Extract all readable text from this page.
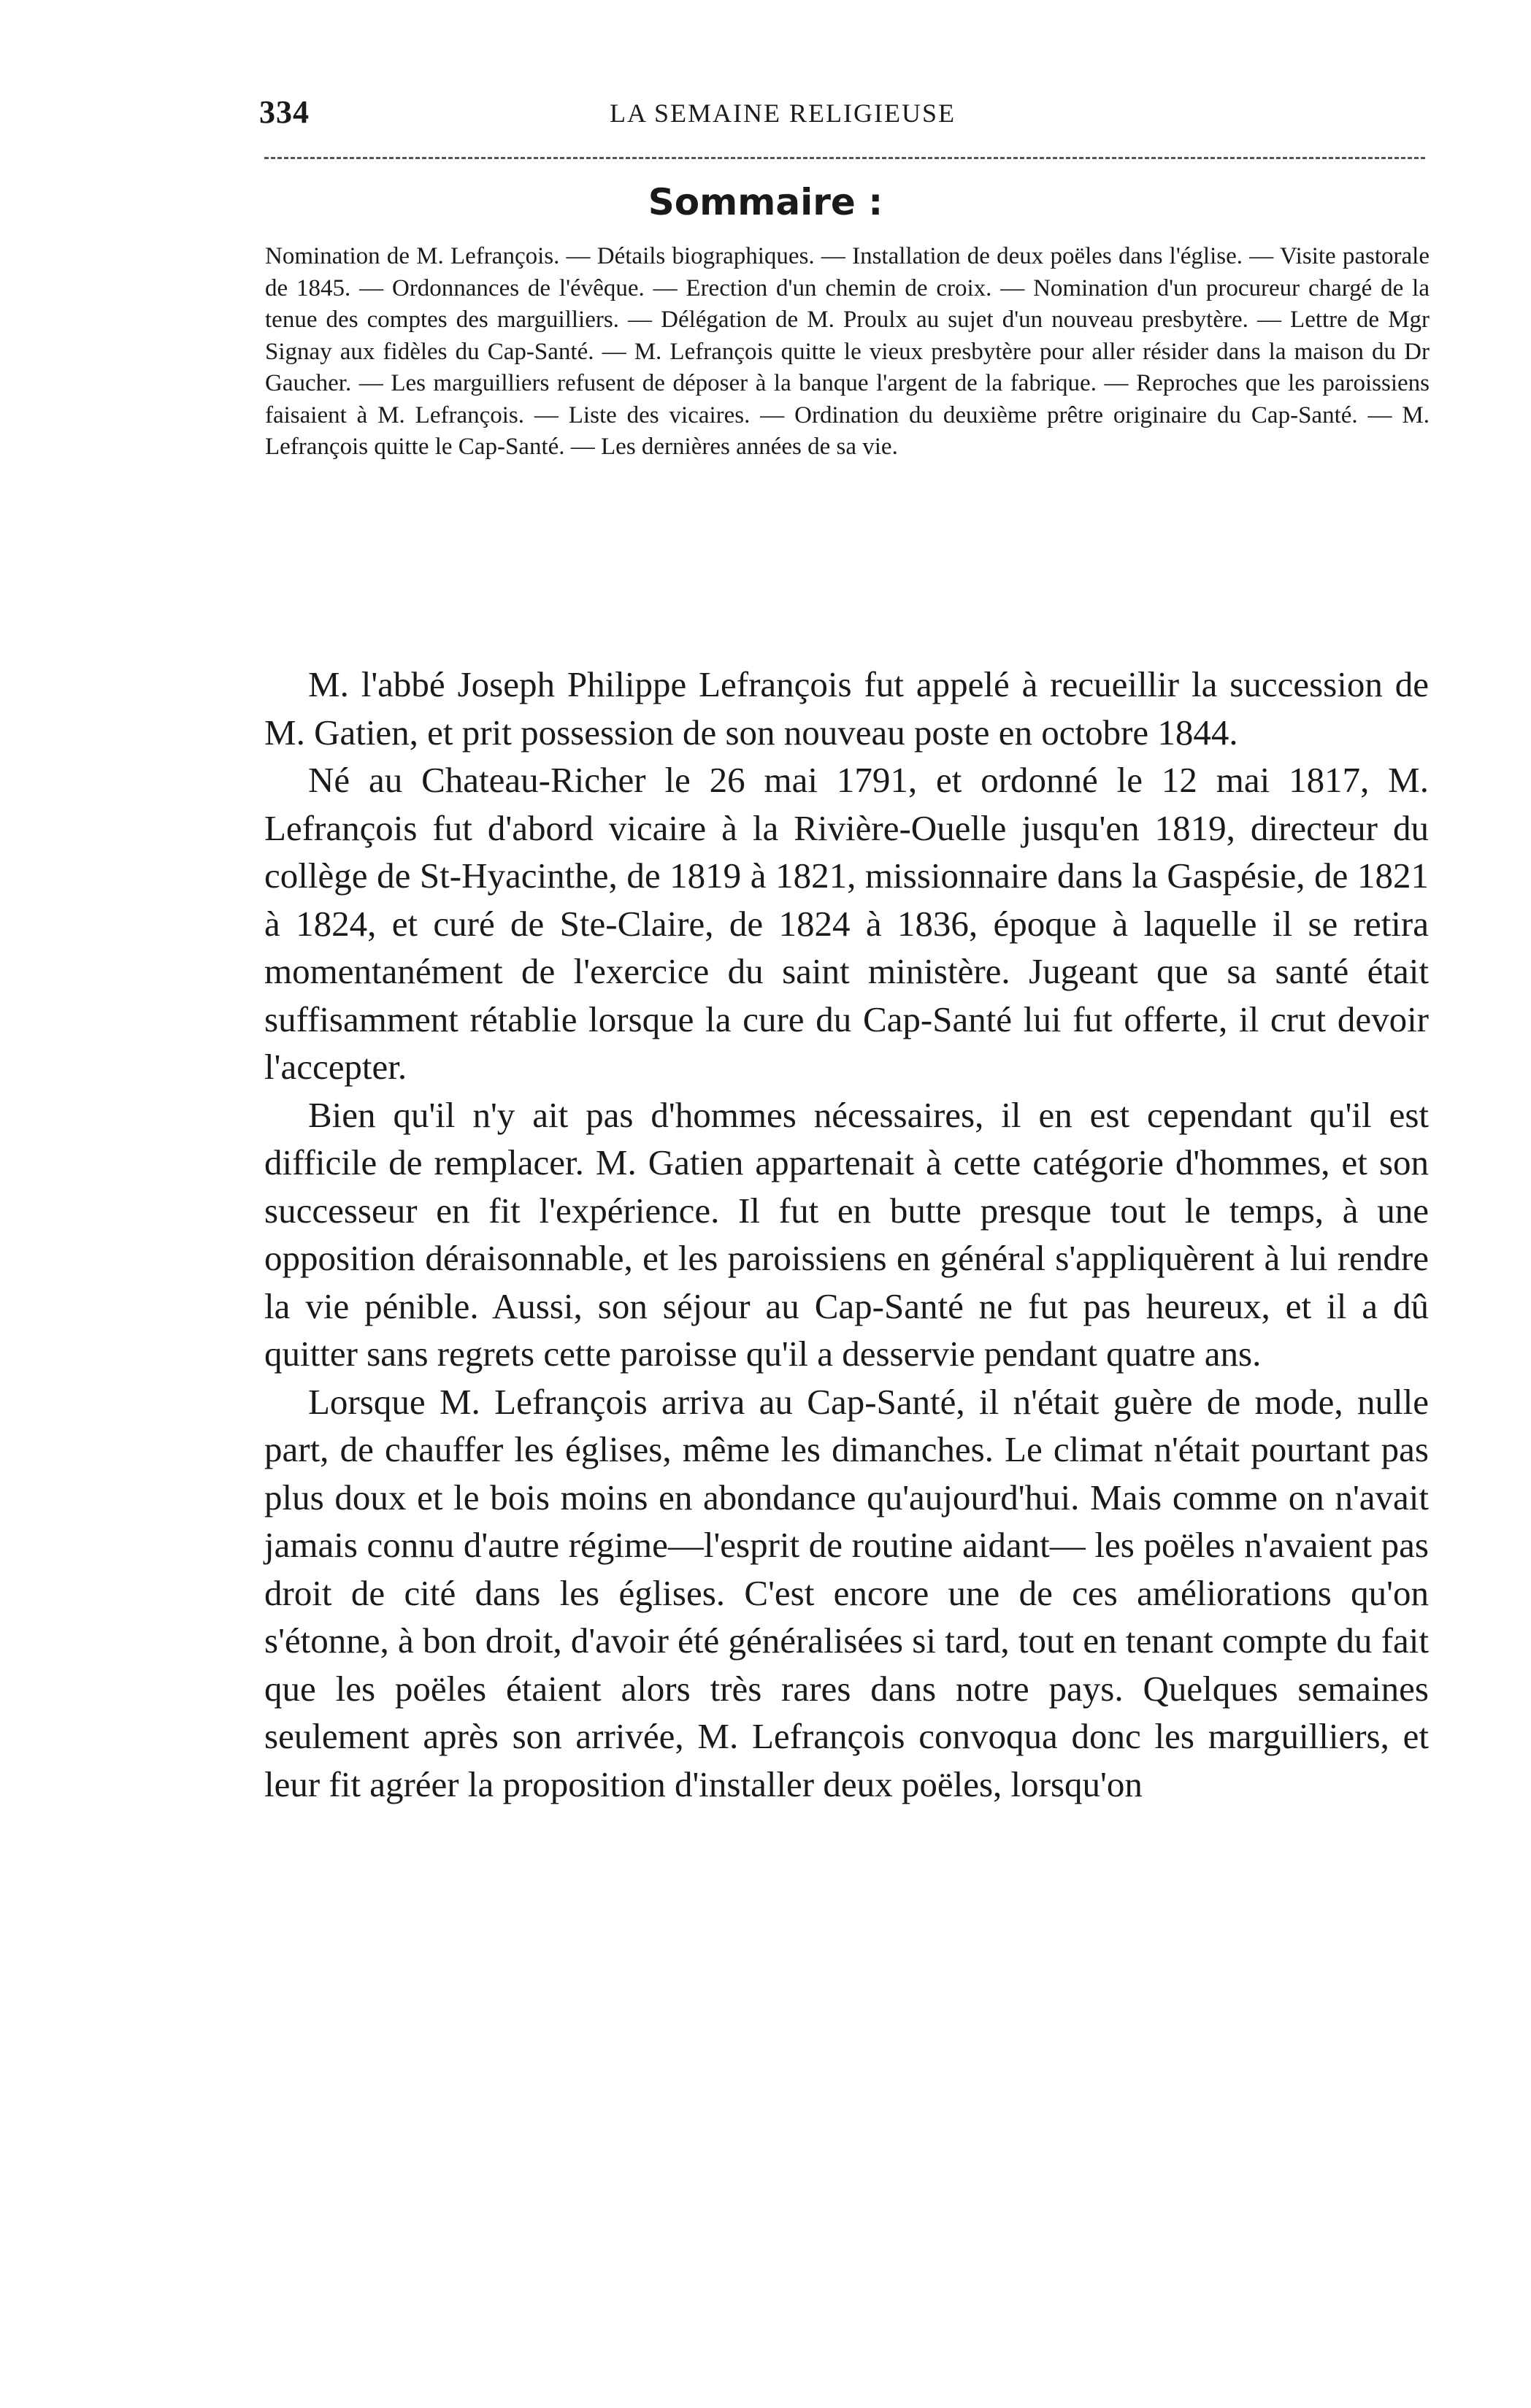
334	LA SEMAINE RELIGIEUSE
Sommaire :
Nomination de M. Lefrançois. — Détails biographiques. — Installation de deux poëles dans l'église. — Visite pastorale de 1845. — Ordonnances de l'évêque. — Erection d'un chemin de croix. — Nomination d'un procureur chargé de la tenue des comptes des marguilliers. — Délégation de M. Proulx au sujet d'un nouveau presbytère. — Lettre de Mgr Signay aux fidèles du Cap-Santé. — M. Lefrançois quitte le vieux presbytère pour aller résider dans la maison du Dr Gaucher. — Les marguilliers refusent de déposer à la banque l'argent de la fabrique. — Reproches que les paroissiens faisaient à M. Lefrançois. — Liste des vicaires. — Ordination du deuxième prêtre originaire du Cap-Santé. — M. Lefrançois quitte le Cap-Santé. — Les dernières années de sa vie.

M. l'abbé Joseph Philippe Lefrançois fut appelé à recueillir la succession de M. Gatien, et prit possession de son nouveau poste en octobre 1844.

Né au Chateau-Richer le 26 mai 1791, et ordonné le 12 mai 1817, M. Lefrançois fut d'abord vicaire à la Rivière-Ouelle jusqu'en 1819, directeur du collège de St-Hyacinthe, de 1819 à 1821, missionnaire dans la Gaspésie, de 1821 à 1824, et curé de Ste-Claire, de 1824 à 1836, époque à laquelle il se retira momentanément de l'exercice du saint ministère. Jugeant que sa santé était suffisamment rétablie lorsque la cure du Cap-Santé lui fut offerte, il crut devoir l'accepter.

Bien qu'il n'y ait pas d'hommes nécessaires, il en est cependant qu'il est difficile de remplacer. M. Gatien appartenait à cette catégorie d'hommes, et son successeur en fit l'expérience. Il fut en butte presque tout le temps, à une opposition déraisonnable, et les paroissiens en général s'appliquèrent à lui rendre la vie pénible. Aussi, son séjour au Cap-Santé ne fut pas heureux, et il a dû quitter sans regrets cette paroisse qu'il a desservie pendant quatre ans.

Lorsque M. Lefrançois arriva au Cap-Santé, il n'était guère de mode, nulle part, de chauffer les églises, même les dimanches. Le climat n'était pourtant pas plus doux et le bois moins en abondance qu'aujourd'hui. Mais comme on n'avait jamais connu d'autre régime—l'esprit de routine aidant— les poëles n'avaient pas droit de cité dans les églises. C'est encore une de ces améliorations qu'on s'étonne, à bon droit, d'avoir été généralisées si tard, tout en tenant compte du fait que les poëles étaient alors très rares dans notre pays. Quelques semaines seulement après son arrivée, M. Lefrançois convoqua donc les marguilliers, et leur fit agréer la proposition d'installer deux poëles, lorsqu'on
